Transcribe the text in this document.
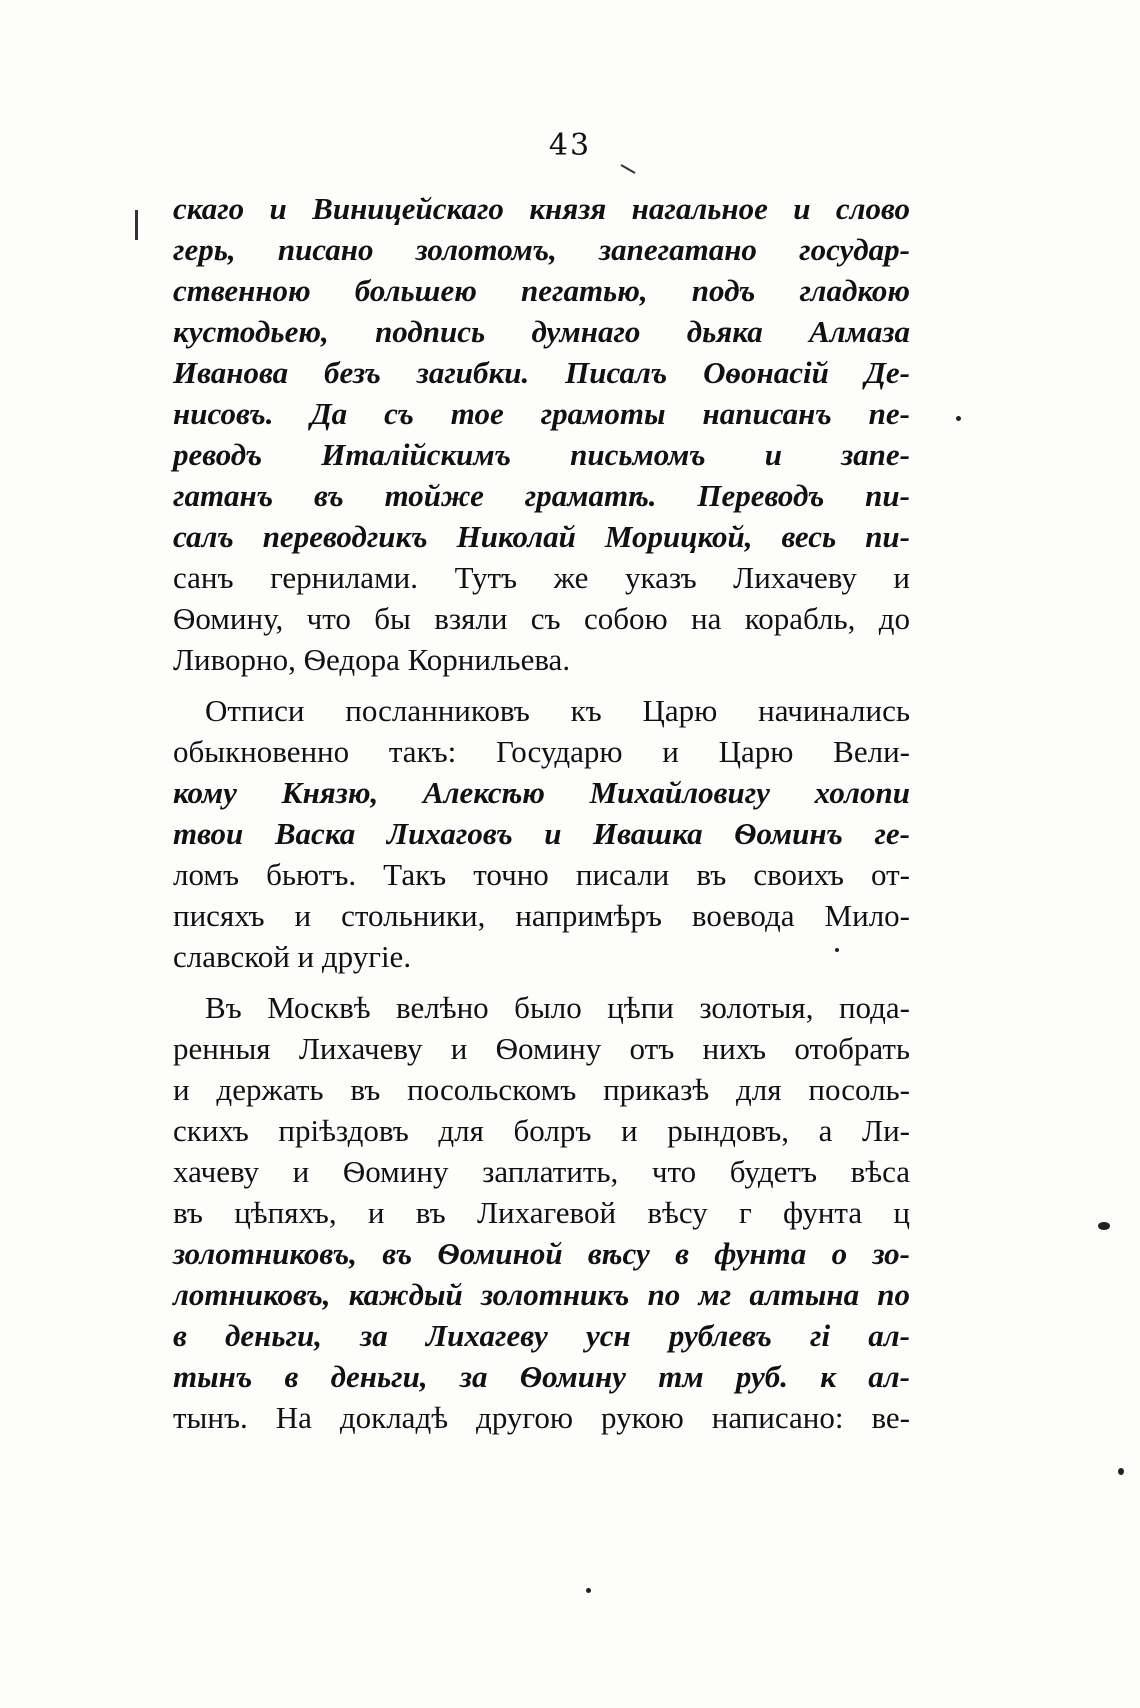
43
скаго и Виницейскаго князя нагальное и слово
герь, писано золотомъ, запегатано государ-
ственною большею пегатью, подъ гладкою
кустодьею, подпись думнаго дьяка Алмаза
Иванова безъ загибки. Писалъ Оѳонасiй Де-
нисовъ. Да съ тое грамоты написанъ пе-
реводъ Италiйскимъ письмомъ и запе-
гатанъ въ тойже граматѣ. Переводъ пи-
салъ переводгикъ Николай Морицкой, весь пи-
санъ гернилами. Тутъ же указъ Лихачеву и
Ѳомину, что бы взяли съ собою на корабль, до
Ливорно, Ѳедора Корнильева.
Отписи посланниковъ къ Царю начинались
обыкновенно такъ: Государю и Царю Вели-
кому Князю, Алексѣю Михайловигу холопи
твои Васка Лихаговъ и Ивашка Ѳоминъ ге-
ломъ бьютъ. Такъ точно писали въ своихъ от-
писяхъ и стольники, напримѣръ воевода Мило-
славской и другiе.
Въ Москвѣ велѣно было цѣпи золотыя, пода-
ренныя Лихачеву и Ѳомину отъ нихъ отобрать
и держать въ посольскомъ приказѣ для посоль-
скихъ прiѣздовъ для болръ и рындовъ, а Ли-
хачеву и Ѳомину заплатить, что будетъ вѣса
въ цѣпяхъ, и въ Лихагевой вѣсу г фунта ц
золотниковъ, въ Ѳоминой вѣсу в фунта о зо-
лотниковъ, каждый золотникъ по мг алтына по
в деньги, за Лихагеву усн рублевъ гi ал-
тынъ в деньги, за Ѳомину тм руб. к ал-
тынъ. На докладѣ другою рукою написано: ве-
